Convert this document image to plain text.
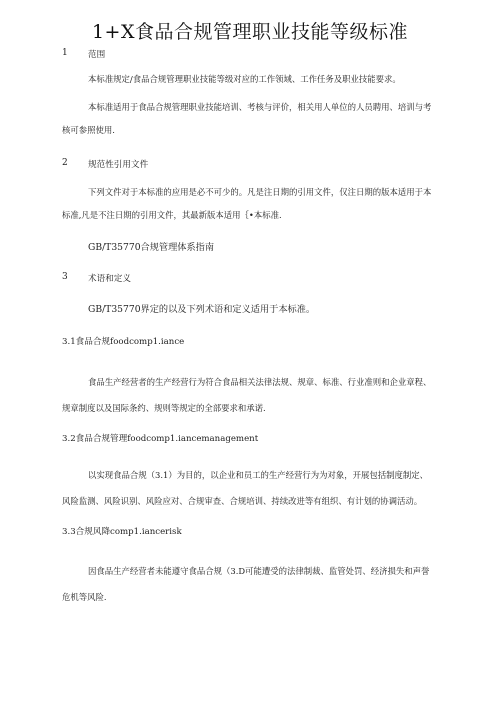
1+X食品合规管理职业技能等级标准
1 范围
本标准规定/食品合规管理职业技能等级对应的工作领域、工作任务及职业技能要求。
本标准适用于食品合规管理职业技能培训、考核与评价，相关用人单位的人员聘用、培训与考
核可参照使用.
2 规范性引用文件
下列文件对于本标准的应用是必不可少的。凡是注日期的引用文件，仅注日期的版本适用于本
标准,凡是不注日期的引用文件，其最新版本适用｛•本标准.
GB/T35770合规管理体系指南
3 术语和定义
GB/T35770界定的以及下列术语和定义适用于本标准。
3.1食品合规foodcomp1.iance
食品生产经营者的生产经营行为符合食品相关法律法规、规章、标准、行业准则和企业章程、
规章制度以及国际条约、规则等规定的全部要求和承诺.
3.2食品合规管理foodcomp1.iancemanagement
以实现食品合规（3.1）为目的，以企业和员工的生产经营行为为对象，开展包括制度制定、
风险监测、风险识别、风险应对、合规审查、合规培训、持续改进等有组织、有计划的协调活动。
3.3合规风降comp1.iancerisk
因食品生产经营者未能遵守食品合规（3.D可能遭受的法律制裁、监管处罚、经济损失和声誉
危机等风险.
